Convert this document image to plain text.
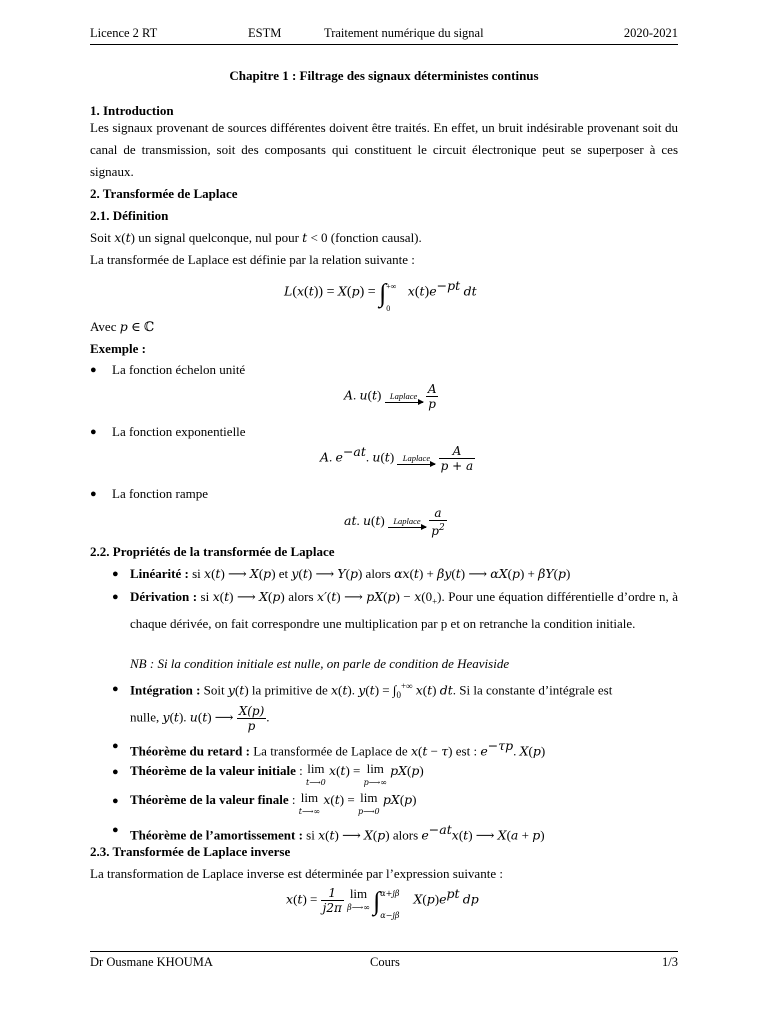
Licence 2 RT	ESTM	Traitement numérique du signal	2020-2021
Chapitre 1 : Filtrage des signaux déterministes continus
1. Introduction

Les signaux provenant de sources différentes doivent être traités. En effet, un bruit indésirable provenant soit du canal de transmission, soit des composants qui constituent le circuit électronique peut se superposer à ces signaux.

2. Transformée de Laplace
2.1. Définition
Soit x(t) un signal quelconque, nul pour t < 0 (fonction causal).
La transformée de Laplace est définie par la relation suivante :
L(x(t)) = X(p) = ∫ +∞
0
$x(t)e^{-pt}$ dt
Avec p ∈ ℂ
Exemple :
● La fonction échelon unité
A. u(t) Laplace
$\frac{A}{p}$
● La fonction exponentielle
A. $e^{-at}$. u(t) Laplace
$\frac{A}{p + a}$
● La fonction rampe
at. u(t) Laplace
$\frac{a}{p^2}$
2.2. Propriétés de la transformée de Laplace
● Linéarité : si x(t) ⟶ X(p) et y(t) ⟶ Y(p) alors αx(t) + βy(t) ⟶ αX(p) + βY(p)
● Dérivation : si x(t) ⟶ X(p) alors x′(t) ⟶ $pX(p) - x(0_+)$. Pour une équation différentielle d’ordre n, à chaque dérivée, on fait correspondre une multiplication par p et on retranche la condition initiale.

NB : Si la condition initiale est nulle, on parle de condition de Heaviside
● Intégration : Soit y(t) la primitive de x(t). $y(t) = \int_0^{+\infty}$ x(t) dt. Si la constante d’intégrale est
nulle, y(t). u(t) ⟶ $\frac{X(p)}{p}$ .
● Théorème du retard : La transformée de Laplace de x(t − τ) est : $e^{-\tau p}$. X(p)
● Théorème de la valeur initiale : lim
t⟶0 x(t) = lim
p⟶∞ pX(p)
● Théorème de la valeur finale : lim
t⟶∞ x(t) = lim
p⟶0 pX(p)
● Théorème de l’amortissement : si x(t) ⟶ X(p) alors $e^{-at}x(t)$ ⟶ X(a + p)
2.3. Transformée de Laplace inverse
La transformation de Laplace inverse est déterminée par l’expression suivante :
$x(t) = \frac{1}{j2\pi}$ lim
β⟶∞ ∫ α+jβ
α−jβ
$X(p)e^{pt}$ dp
Dr Ousmane KHOUMA	Cours	1/3
